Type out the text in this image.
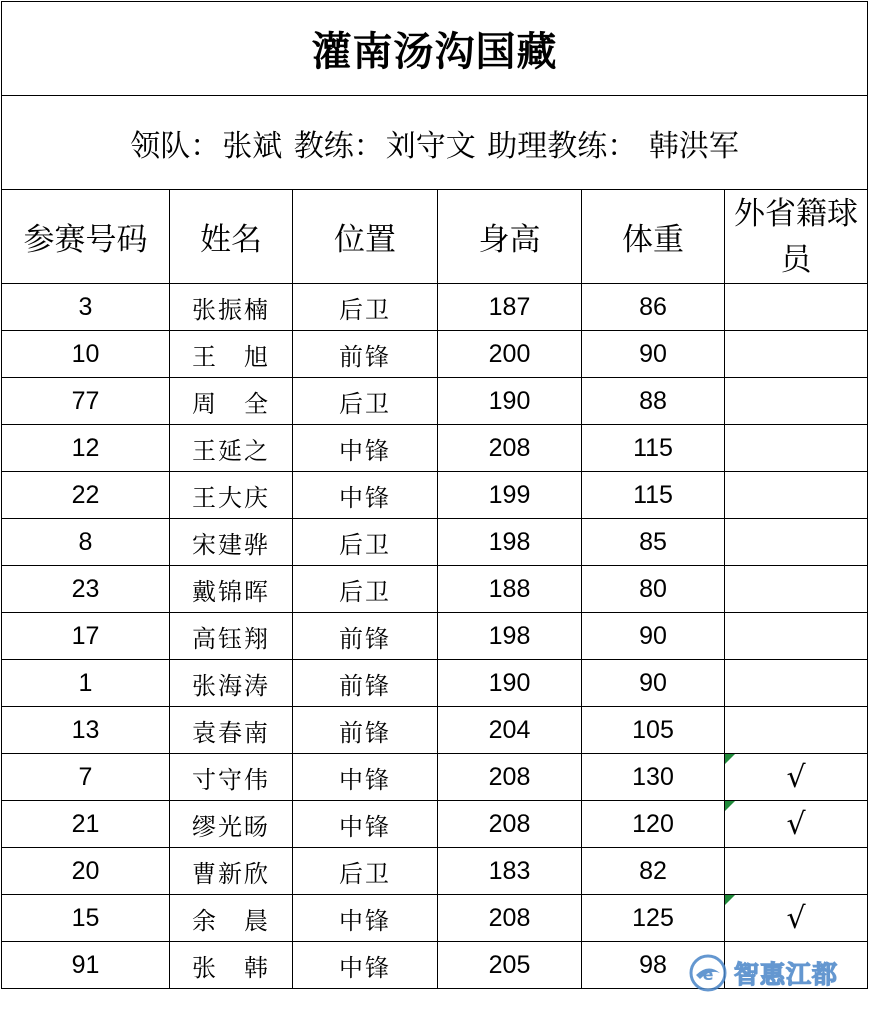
灌南汤沟国藏					
领队：张斌 教练：刘守文 助理教练： 韩洪军					
参赛号码	姓名	位置	身高	体重	外省籍球员
3	张振楠	后卫	187	86	
10	王　旭	前锋	200	90	
77	周　全	后卫	190	88	
12	王延之	中锋	208	115	
22	王大庆	中锋	199	115	
8	宋建骅	后卫	198	85	
23	戴锦晖	后卫	188	80	
17	高钰翔	前锋	198	90	
1	张海涛	前锋	190	90	
13	袁春南	前锋	204	105	
7	寸守伟	中锋	208	130	√
21	缪光旸	中锋	208	120	√
20	曹新欣	后卫	183	82	
15	余　晨	中锋	208	125	√
91	张　韩	中锋	205	98	e 智惠江都
